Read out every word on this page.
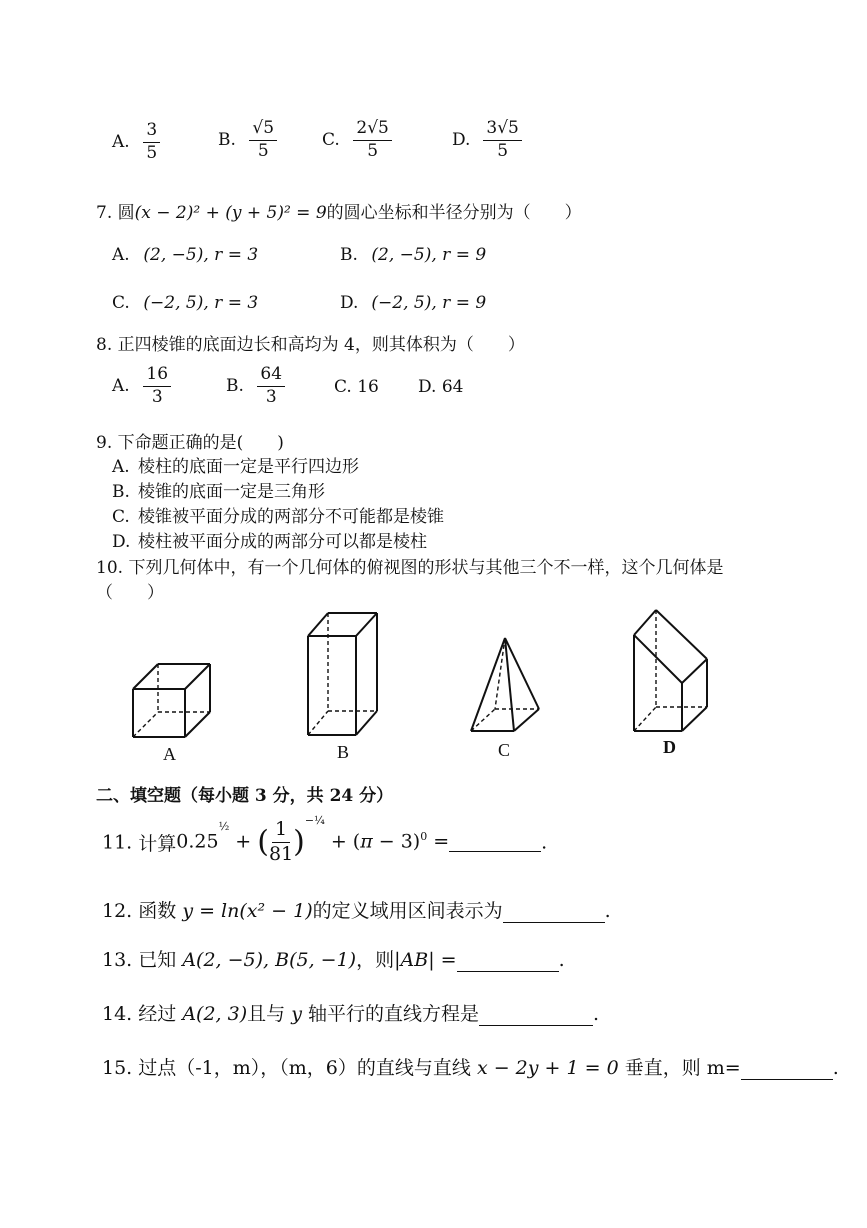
A. $\frac{3}{5}$	B. $\frac{√5}{5}$	C. $\frac{2√5}{5}$	D. $\frac{3√5}{5}$
7. 圆(x − 2)² + (y + 5)² = 9的圆心坐标和半径分别为（　　）
A. (2, −5), r = 3	B. (2, −5), r = 9
C. (−2, 5), r = 3	D. (−2, 5), r = 9
8. 正四棱锥的底面边长和高均为 4，则其体积为（　　）
A. $\frac{16}{3}$	B. $\frac{64}{3}$	C. 16 D. 64
9. 下命题正确的是(　　)
A. 棱柱的底面一定是平行四边形
B. 棱锥的底面一定是三角形
C. 棱锥被平面分成的两部分不可能都是棱锥
D. 棱柱被平面分成的两部分可以都是棱柱
10. 下列几何体中，有一个几何体的俯视图的形状与其他三个不一样，这个几何体是
（　　）
A	B	C	D
二、填空题（每小题 3 分，共 24 分）
11. 计算$0.25^{\frac{1}{2}}$ + ( $\frac{1}{81} )^{-\frac{1}{4}} + (\pi - 3)^0$ =	.
12. 函数 y = ln(x² − 1)的定义域用区间表示为	.
13. 已知 A(2, −5), B(5, −1)，则|AB| =	.
14. 经过 A(2, 3)且与 y 轴平行的直线方程是	.
15. 过点（-1，m），（m，6）的直线与直线 x − 2y + 1 = 0 垂直，则 m=	.
